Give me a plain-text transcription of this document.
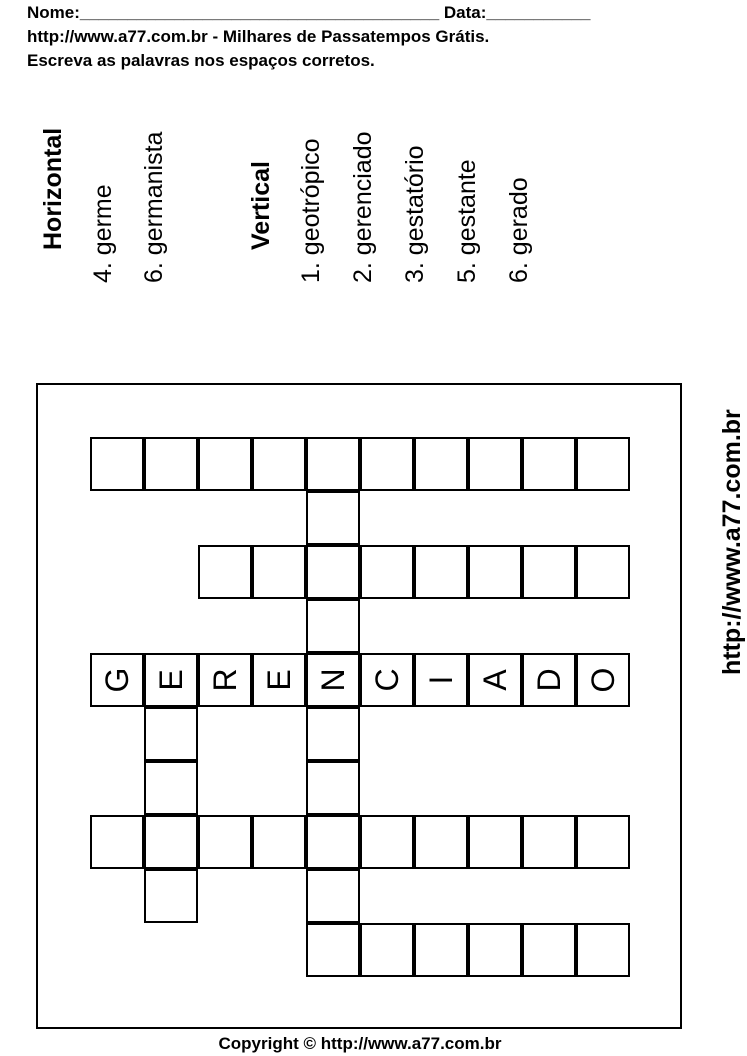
Nome:______________________________________ Data:___________
http://www.a77.com.br - Milhares de Passatempos Grátis.
Escreva as palavras nos espaços corretos.
Horizontal 4. germe 6. germanista	Vertical 1. geotrópico 2. gerenciado 3. gestatório 5. gestante 6. gerado
G E R E N C I A D O
http://www.a77.com.br
Copyright © http://www.a77.com.br
